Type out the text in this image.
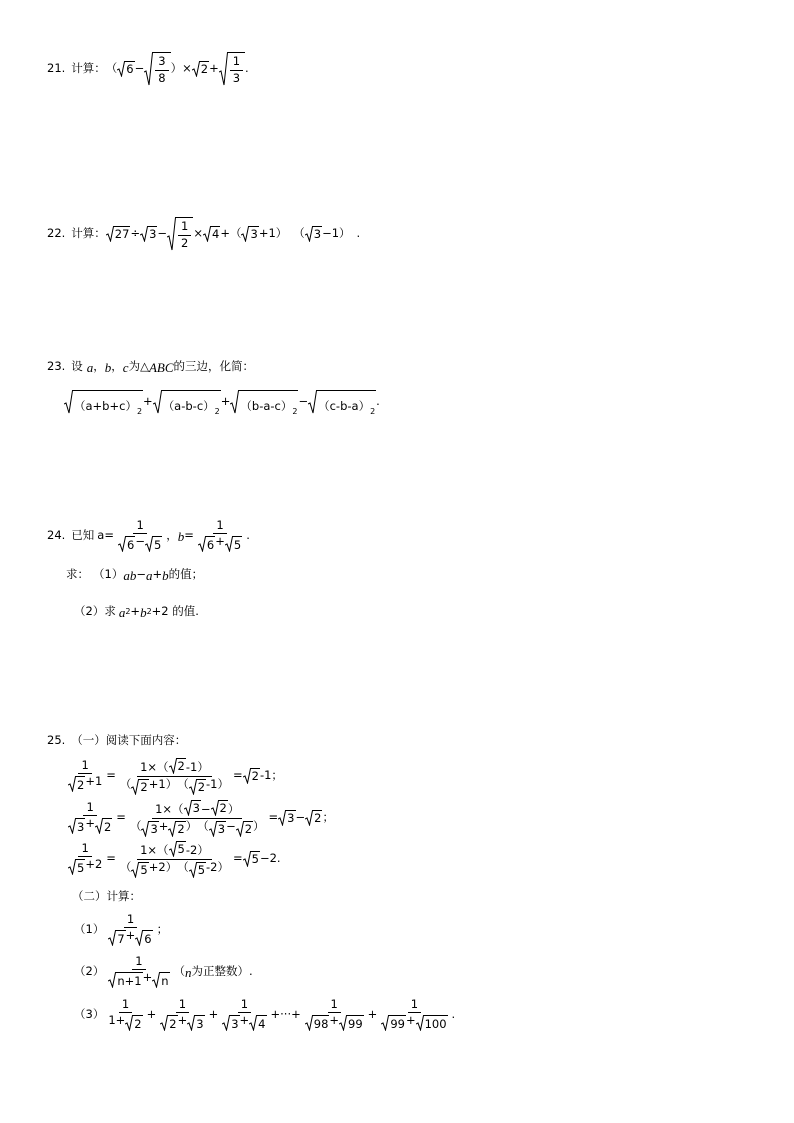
21. 计算： （ $6 - \frac{3}{8}$ ） × $2 + \frac{1}{3}$ .
22. 计算： $27 \div 3 - \frac{1}{2} \times 4$ + （ 3 +1） （ 3 −1） .
23. 设 a ， b ， c 为△ ABC 的三边，化简：
（a+b+c） 2
+ （a-b-c） 2
+ （b-a-c） 2
− （c-b-a） 2
.
24. 已知 $a= \frac{1}{6 - 5}$ ， $b = \frac{1}{6 + 5}$ .
求： （1） ab − a + b 的值；
（2）求 a 2 + b 2 +2 的值.
25. （一）阅读下面内容：
$\frac{1}{2 +1} = \frac{1\times( 2 -1 )}{( 2 +1 ) ( 2 -1 )} = 2$ -1；
$\frac{1}{3 + 2} = \frac{1\times( 3 - 2 )}{( 3 + 2 ) ( 3 - 2 )} = 3 - 2$ ；
$\frac{1}{5 +2} = \frac{1\times( 5 -2 )}{( 5 +2 ) ( 5 -2 )} = 5 -2$.
（二）计算：
$(1) \frac{1}{7 + 6}$ ；
$(2) \frac{1}{n+1 + n}$ （ n 为正整数）.
$(3) \frac{1}{1 + 2} + \frac{1}{2 + 3} + \frac{1}{3 + 4}$ +···+ $\frac{1}{98 + 99} + \frac{1}{99 + 100}$ .
